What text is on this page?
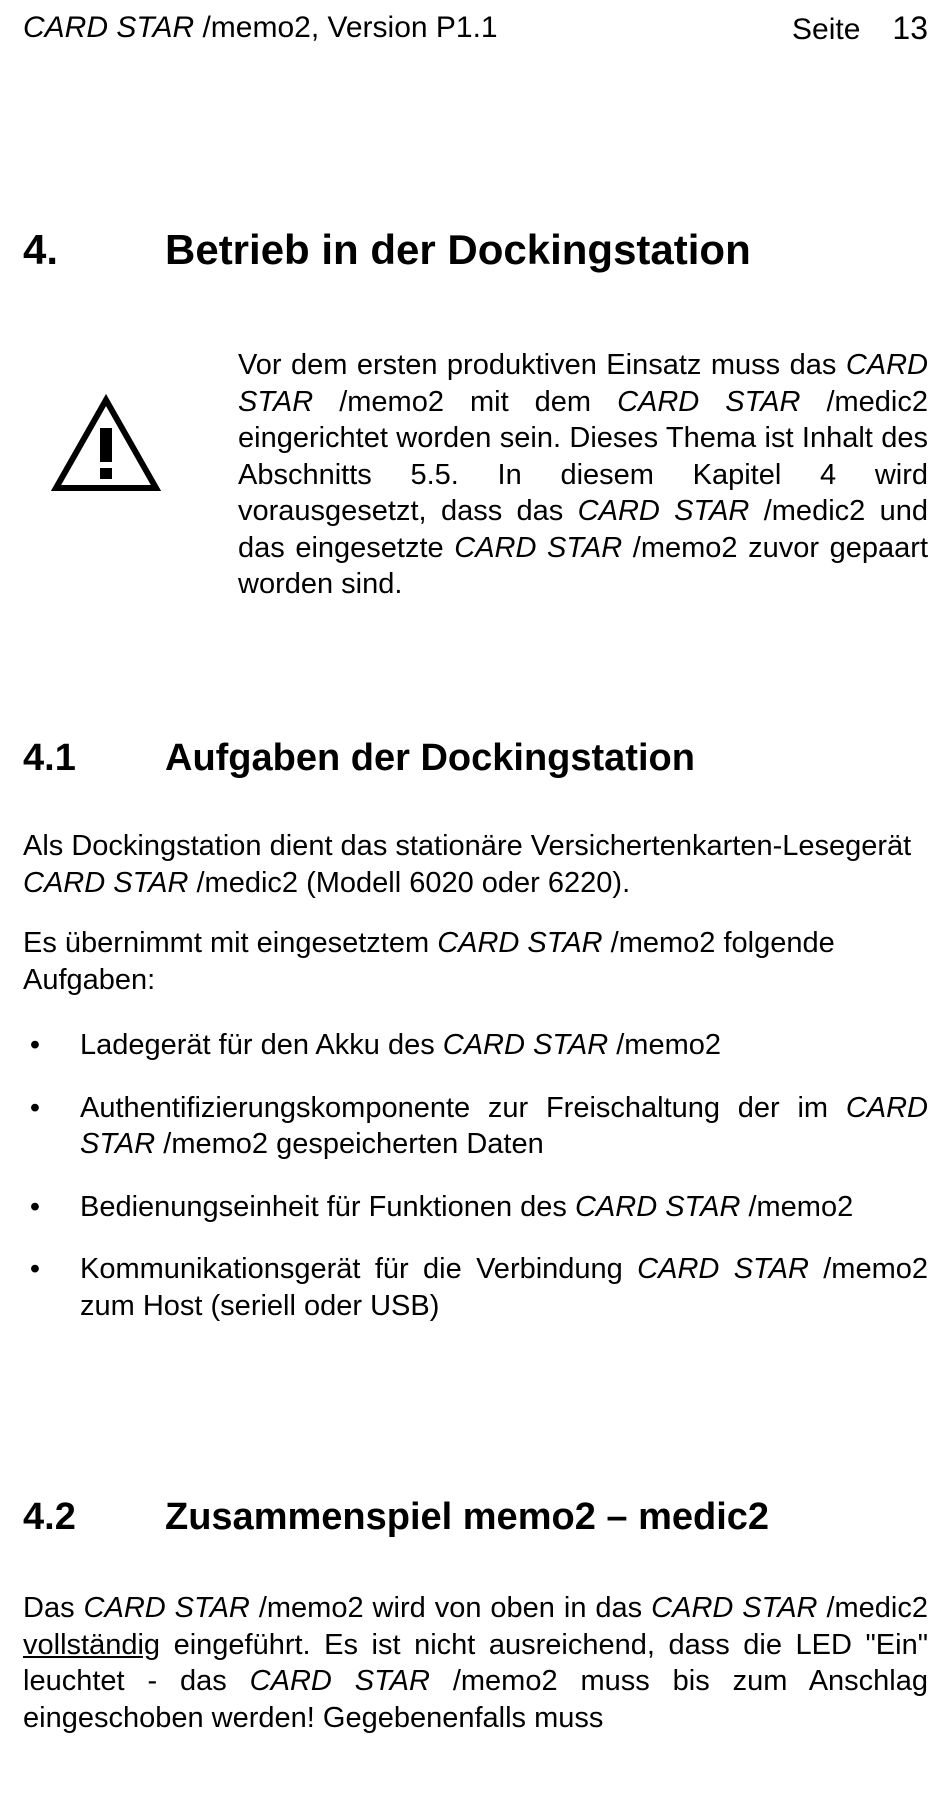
CARD STAR /memo2, Version P1.1	Seite 13
4.	Betrieb in der Dockingstation
Vor dem ersten produktiven Einsatz muss das CARD STAR /memo2 mit dem CARD STAR /medic2 eingerichtet worden sein. Dieses Thema ist Inhalt des Abschnitts 5.5. In diesem Kapitel 4 wird vorausgesetzt, dass das CARD STAR /medic2 und das eingesetzte CARD STAR /memo2 zuvor gepaart worden sind.
4.1 Aufgaben der Dockingstation
Als Dockingstation dient das stationäre Versichertenkarten-Lesegerät CARD STAR /medic2 (Modell 6020 oder 6220).
Es übernimmt mit eingesetztem CARD STAR /memo2 folgende Aufgaben:
• Ladegerät für den Akku des CARD STAR /memo2
• Authentifizierungskomponente zur Freischaltung der im CARD STAR /memo2 gespeicherten Daten
• Bedienungseinheit für Funktionen des CARD STAR /memo2
• Kommunikationsgerät für die Verbindung CARD STAR /memo2 zum Host (seriell oder USB)
4.2 Zusammenspiel memo2 – medic2
Das CARD STAR /memo2 wird von oben in das CARD STAR /medic2 vollständig eingeführt. Es ist nicht ausreichend, dass die LED "Ein" leuchtet - das CARD STAR /memo2 muss bis zum Anschlag eingeschoben werden! Gegebenenfalls muss
